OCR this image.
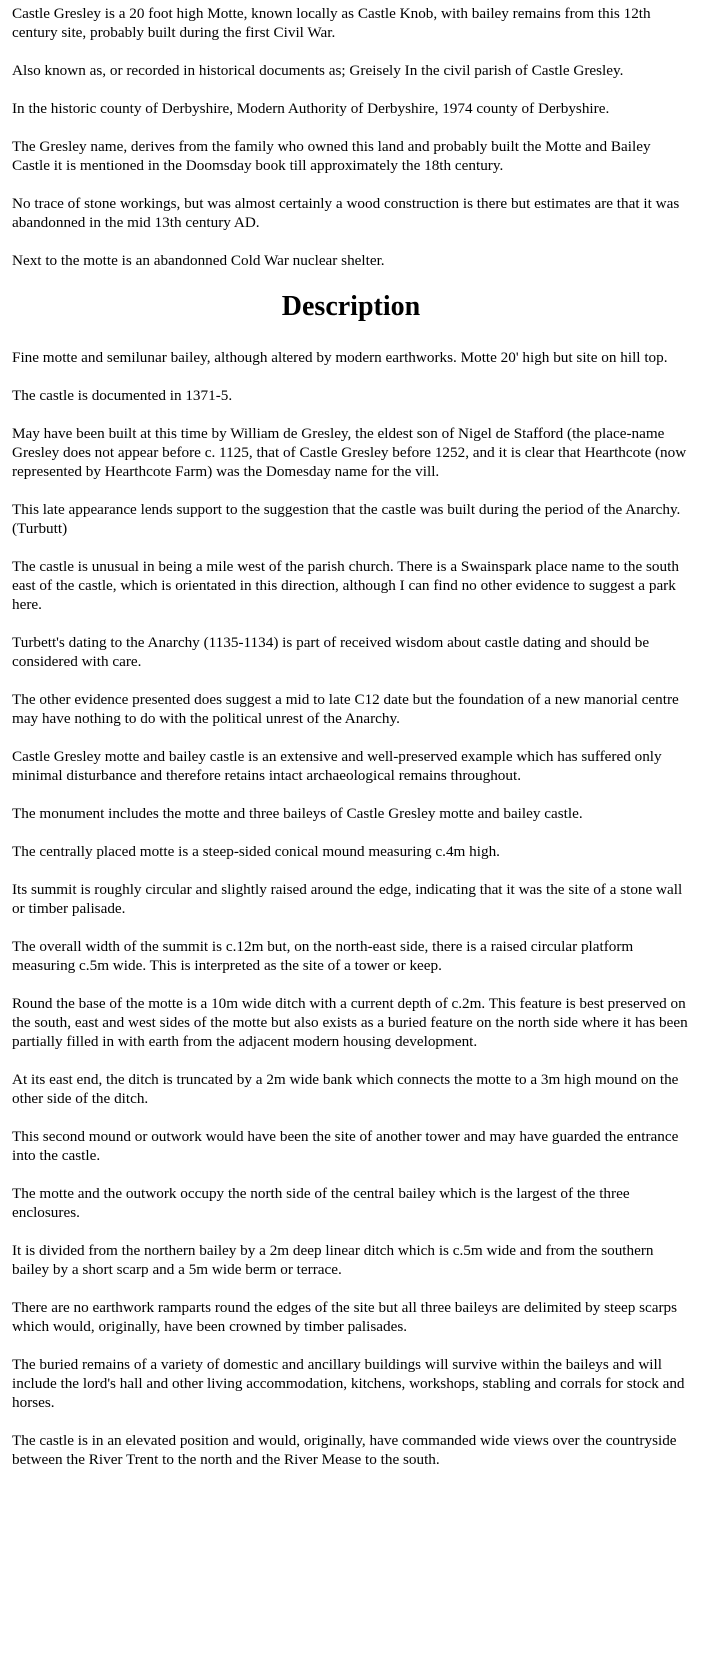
Castle Gresley is a 20 foot high Motte, known locally as Castle Knob, with bailey remains from this 12th century site, probably built during the first Civil War.

Also known as, or recorded in historical documents as; Greisely In the civil parish of Castle Gresley.

In the historic county of Derbyshire, Modern Authority of Derbyshire, 1974 county of Derbyshire.

The Gresley name, derives from the family who owned this land and probably built the Motte and Bailey Castle it is mentioned in the Doomsday book till approximately the 18th century.

No trace of stone workings, but was almost certainly a wood construction is there but estimates are that it was abandonned in the mid 13th century AD.

Next to the motte is an abandonned Cold War nuclear shelter.

Description

Fine motte and semilunar bailey, although altered by modern earthworks. Motte 20' high but site on hill top.

The castle is documented in 1371-5.

May have been built at this time by William de Gresley, the eldest son of Nigel de Stafford (the place-name Gresley does not appear before c. 1125, that of Castle Gresley before 1252, and it is clear that Hearthcote (now represented by Hearthcote Farm) was the Domesday name for the vill.

This late appearance lends support to the suggestion that the castle was built during the period of the Anarchy. (Turbutt)

The castle is unusual in being a mile west of the parish church. There is a Swainspark place name to the south east of the castle, which is orientated in this direction, although I can find no other evidence to suggest a park here.

Turbett's dating to the Anarchy (1135-1134) is part of received wisdom about castle dating and should be considered with care.

The other evidence presented does suggest a mid to late C12 date but the foundation of a new manorial centre may have nothing to do with the political unrest of the Anarchy.

Castle Gresley motte and bailey castle is an extensive and well-preserved example which has suffered only minimal disturbance and therefore retains intact archaeological remains throughout.

The monument includes the motte and three baileys of Castle Gresley motte and bailey castle.

The centrally placed motte is a steep-sided conical mound measuring c.4m high.

Its summit is roughly circular and slightly raised around the edge, indicating that it was the site of a stone wall or timber palisade.

The overall width of the summit is c.12m but, on the north-east side, there is a raised circular platform measuring c.5m wide. This is interpreted as the site of a tower or keep.

Round the base of the motte is a 10m wide ditch with a current depth of c.2m. This feature is best preserved on the south, east and west sides of the motte but also exists as a buried feature on the north side where it has been partially filled in with earth from the adjacent modern housing development.

At its east end, the ditch is truncated by a 2m wide bank which connects the motte to a 3m high mound on the other side of the ditch.

This second mound or outwork would have been the site of another tower and may have guarded the entrance into the castle.

The motte and the outwork occupy the north side of the central bailey which is the largest of the three enclosures.

It is divided from the northern bailey by a 2m deep linear ditch which is c.5m wide and from the southern bailey by a short scarp and a 5m wide berm or terrace.

There are no earthwork ramparts round the edges of the site but all three baileys are delimited by steep scarps which would, originally, have been crowned by timber palisades.

The buried remains of a variety of domestic and ancillary buildings will survive within the baileys and will include the lord's hall and other living accommodation, kitchens, workshops, stabling and corrals for stock and horses.

The castle is in an elevated position and would, originally, have commanded wide views over the countryside between the River Trent to the north and the River Mease to the south.
